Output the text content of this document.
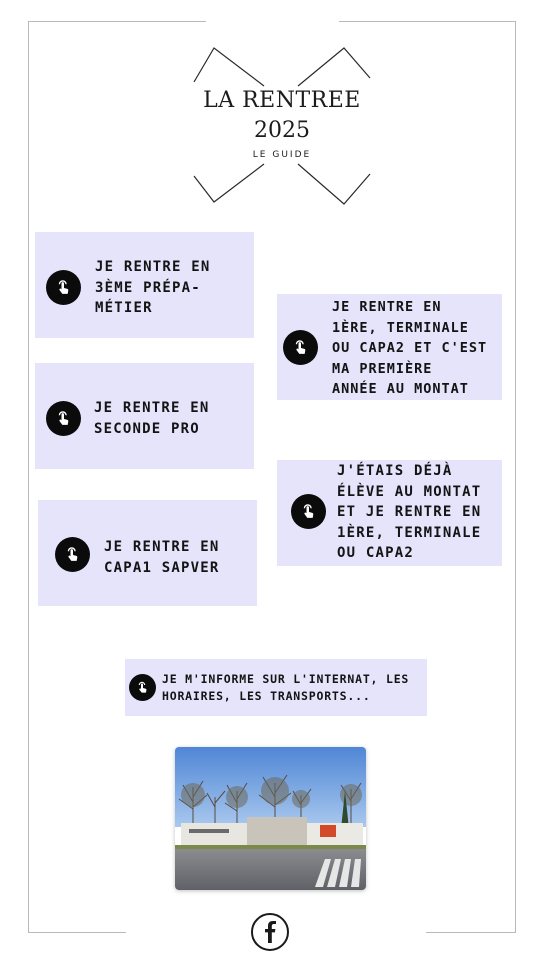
LA RENTREE
2025
LE GUIDE
JE RENTRE EN
3ÈME PRÉPA-
MÉTIER	JE RENTRE EN
1ÈRE, TERMINALE
OU CAPA2 ET C'EST
MA PREMIÈRE
ANNÉE AU MONTAT
JE RENTRE EN
SECONDE PRO
J'ÉTAIS DÉJÀ
ÉLÈVE AU MONTAT
ET JE RENTRE EN
1ÈRE, TERMINALE
OU CAPA2
JE RENTRE EN
CAPA1 SAPVER
JE M'INFORME SUR L'INTERNAT, LES
HORAIRES, LES TRANSPORTS...
